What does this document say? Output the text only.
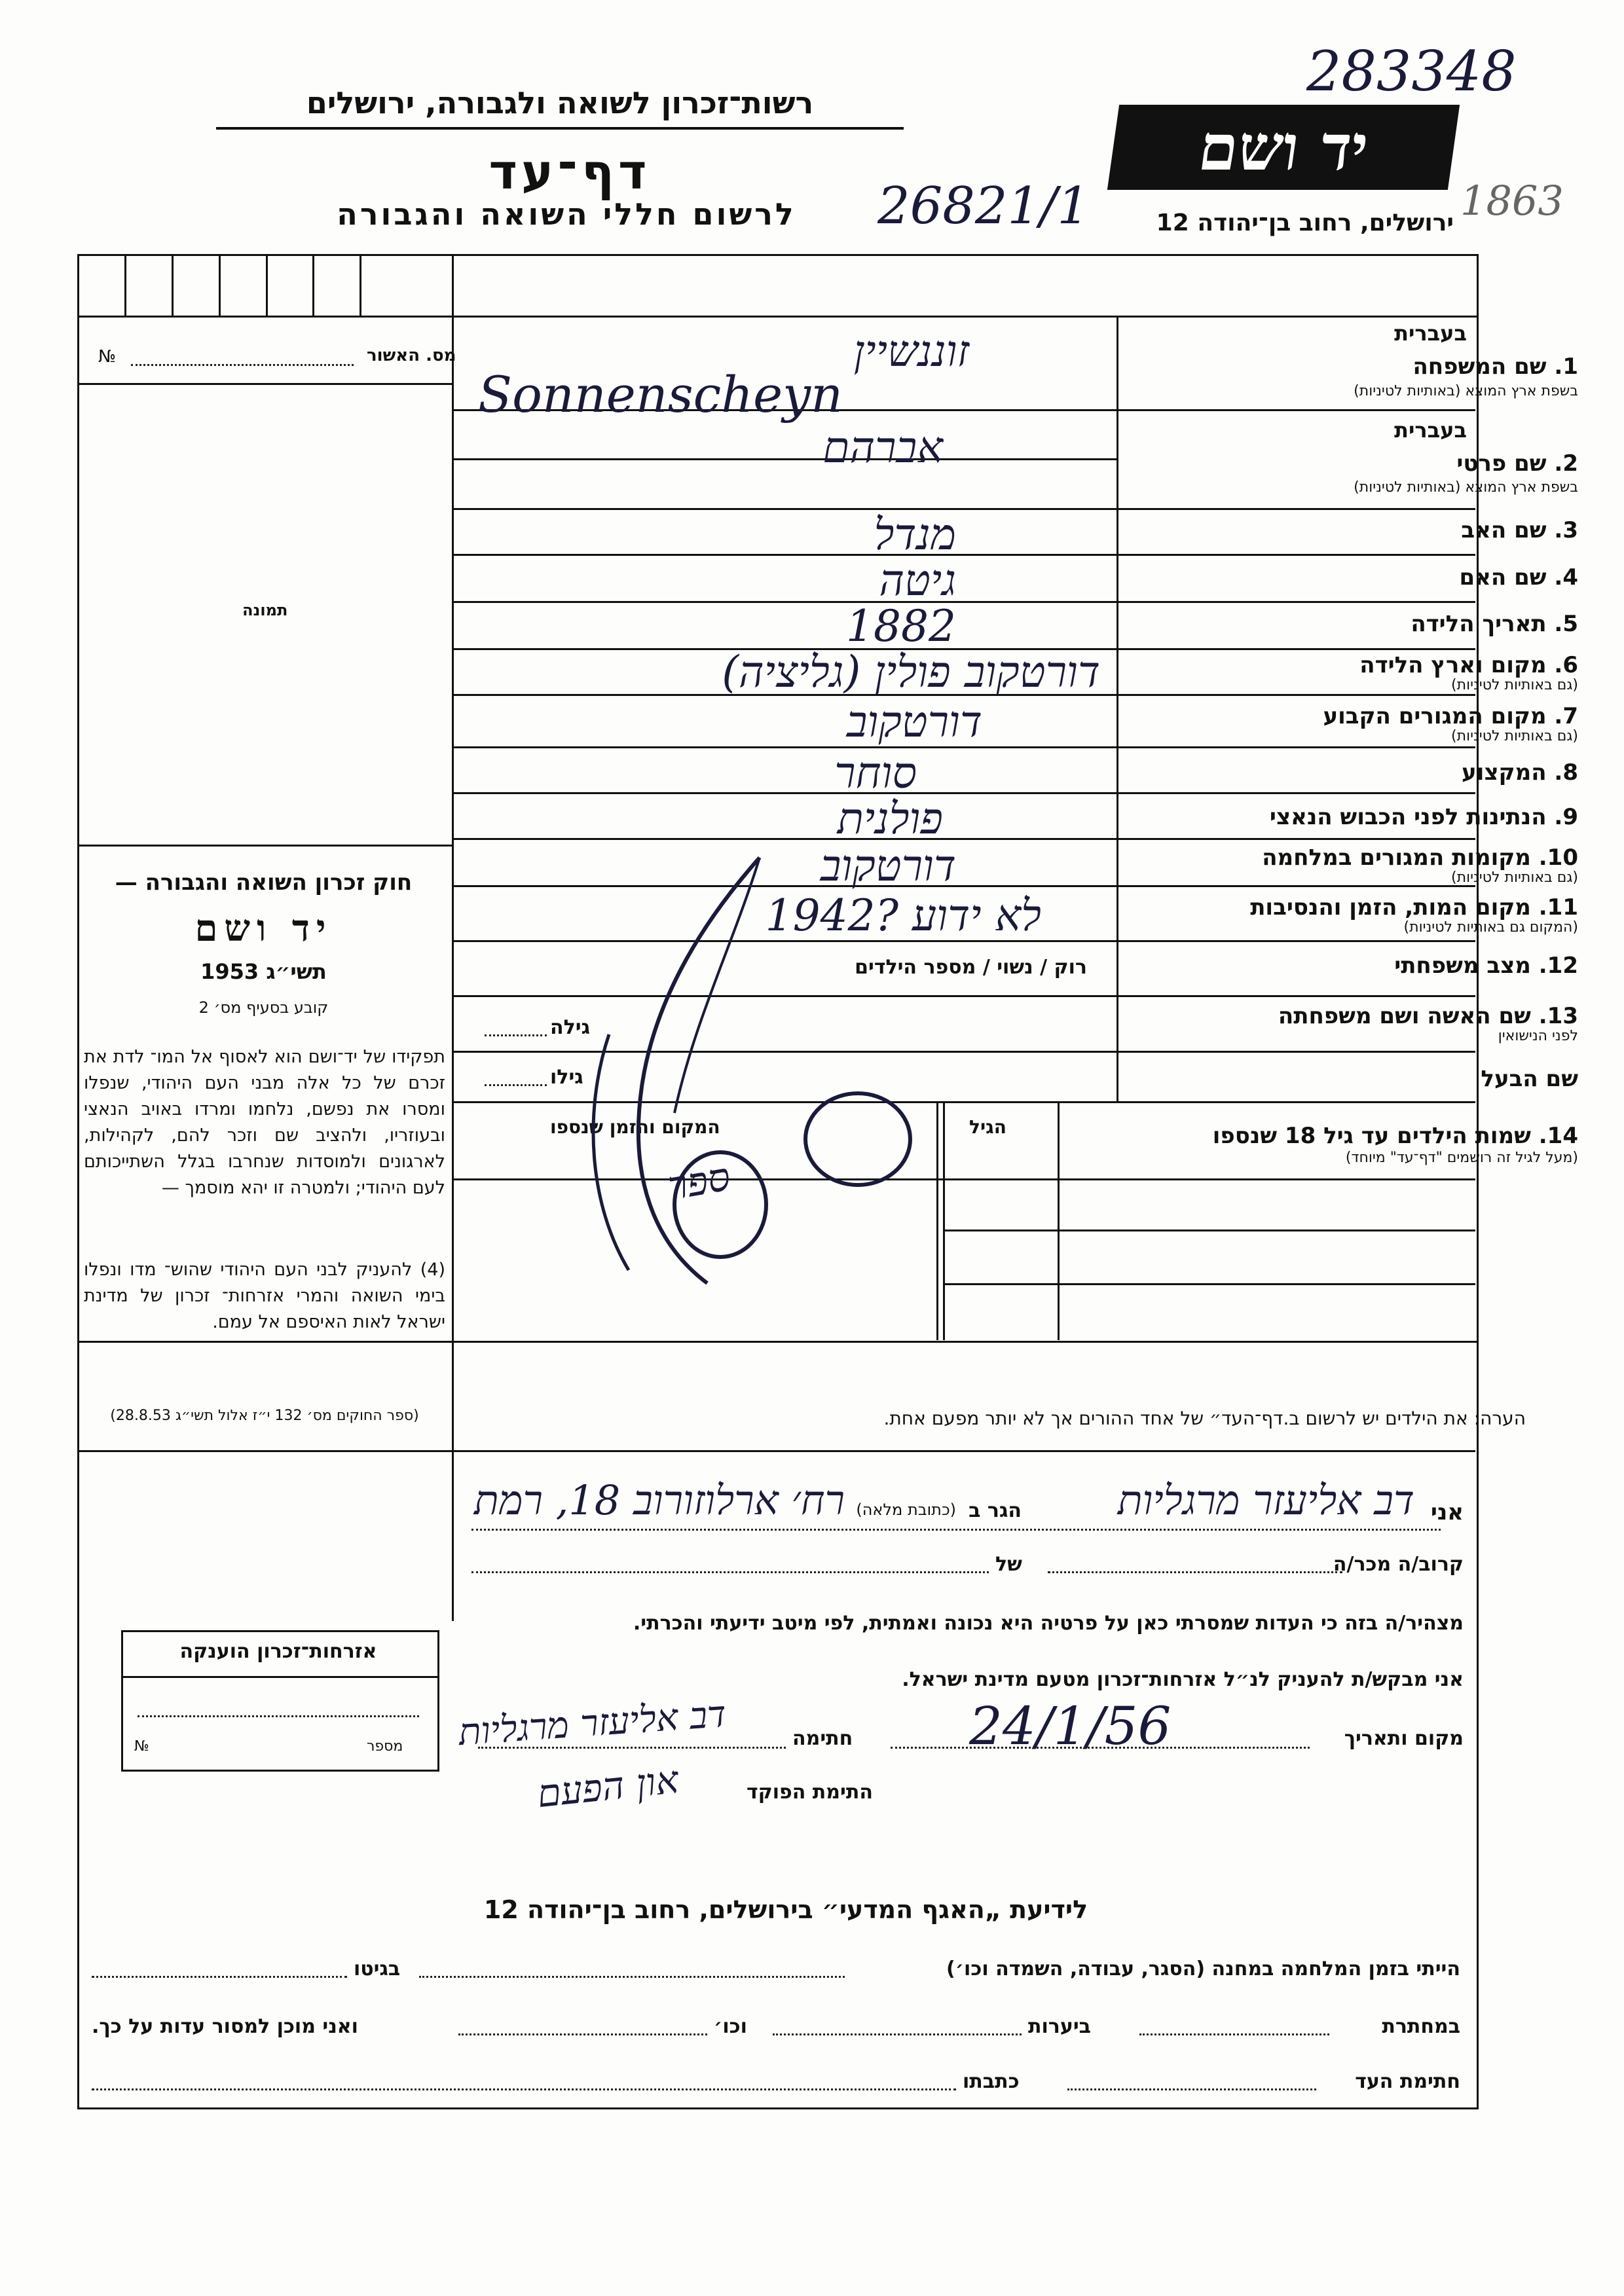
283348
רשות־זכרון לשואה ולגבורה, ירושלים
יד ושם
1863
דף־עד
26821/1
לרשום חללי השואה והגבורה	ירושלים, רחוב בן־יהודה 12
מס. האשור
№
תמונה
חוק זכרון השואה והגבורה —
יד ושם
תשי״ג 1953
קובע בסעיף מס׳ 2
תפקידו של יד־ושם הוא לאסוף אל המו־ לדת את זכרם של כל אלה מבני העם היהודי, שנפלו ומסרו את נפשם, נלחמו ומרדו באויב הנאצי ובעוזריו, ולהציב שם וזכר להם, לקהילות, לארגונים ולמוסדות שנחרבו בגלל השתייכותם לעם היהודי; ולמטרה זו יהא מוסמך —
(4) להעניק לבני העם היהודי שהוש־ מדו ונפלו בימי השואה והמרי אזרחות־ זכרון של מדינת ישראל לאות האיספם אל עמם.
(ספר החוקים מס׳ 132 י״ז אלול תשי״ג 28.8.53)
בעברית
1. שם המשפחה
בשפת ארץ המוצא (באותיות לטיניות)
זוננשיין
Sonnenscheyn
בעברית
2. שם פרטי
בשפת ארץ המוצא (באותיות לטיניות)
אברהם
3. שם האב
מנדל
4. שם האם
גיטה
5. תאריך הלידה
1882
6. מקום וארץ הלידה
(גם באותיות לטיניות)
דורטקוב פולין (גליציה)
7. מקום המגורים הקבוע
(גם באותיות לטיניות)
דורטקוב
8. המקצוע
סוחר
9. הנתינות לפני הכבוש הנאצי
פולנית
10. מקומות המגורים במלחמה
(גם באותיות לטיניות)
דורטקוב
11. מקום המות, הזמן והנסיבות
(המקום גם באותיות לטיניות)
לא ידוע ?1942
12. מצב משפחתי
רוק / נשוי / מספר הילדים
13. שם האשה ושם משפחתה
לפני הנישואין
גילה
שם הבעל
גילו
14. שמות הילדים עד גיל 18 שנספו
(מעל לגיל זה רושמים "דף־עד" מיוחד)
הגיל
המקום והזמן שנספו
הערה: את הילדים יש לרשום ב.דף־העד״ של אחד ההורים אך לא יותר מפעם אחת.
ספר
אני
דב אליעזר מרגליות
הגר ב
(כתובת מלאה)
רח׳ ארלוזורוב 18, רמת
קרוב/ה מכר/ה
של
מצהיר/ה בזה כי העדות שמסרתי כאן על פרטיה היא נכונה ואמתית, לפי מיטב ידיעתי והכרתי.
אני מבקש/ת להעניק לנ״ל אזרחות־זכרון מטעם מדינת ישראל.
מקום ותאריך
24/1/56
חתימה
דב אליעזר מרגליות
התימת הפוקד
און הפעם
אזרחות־זכרון הוענקה
מספר
№
לידיעת „האגף המדעי״ בירושלים, רחוב בן־יהודה 12
הייתי בזמן המלחמה במחנה (הסגר, עבודה, השמדה וכו׳)
בגיטו
במחתרת
ביערות
וכו׳
ואני מוכן למסור עדות על כך.
חתימת העד
כתבתו
